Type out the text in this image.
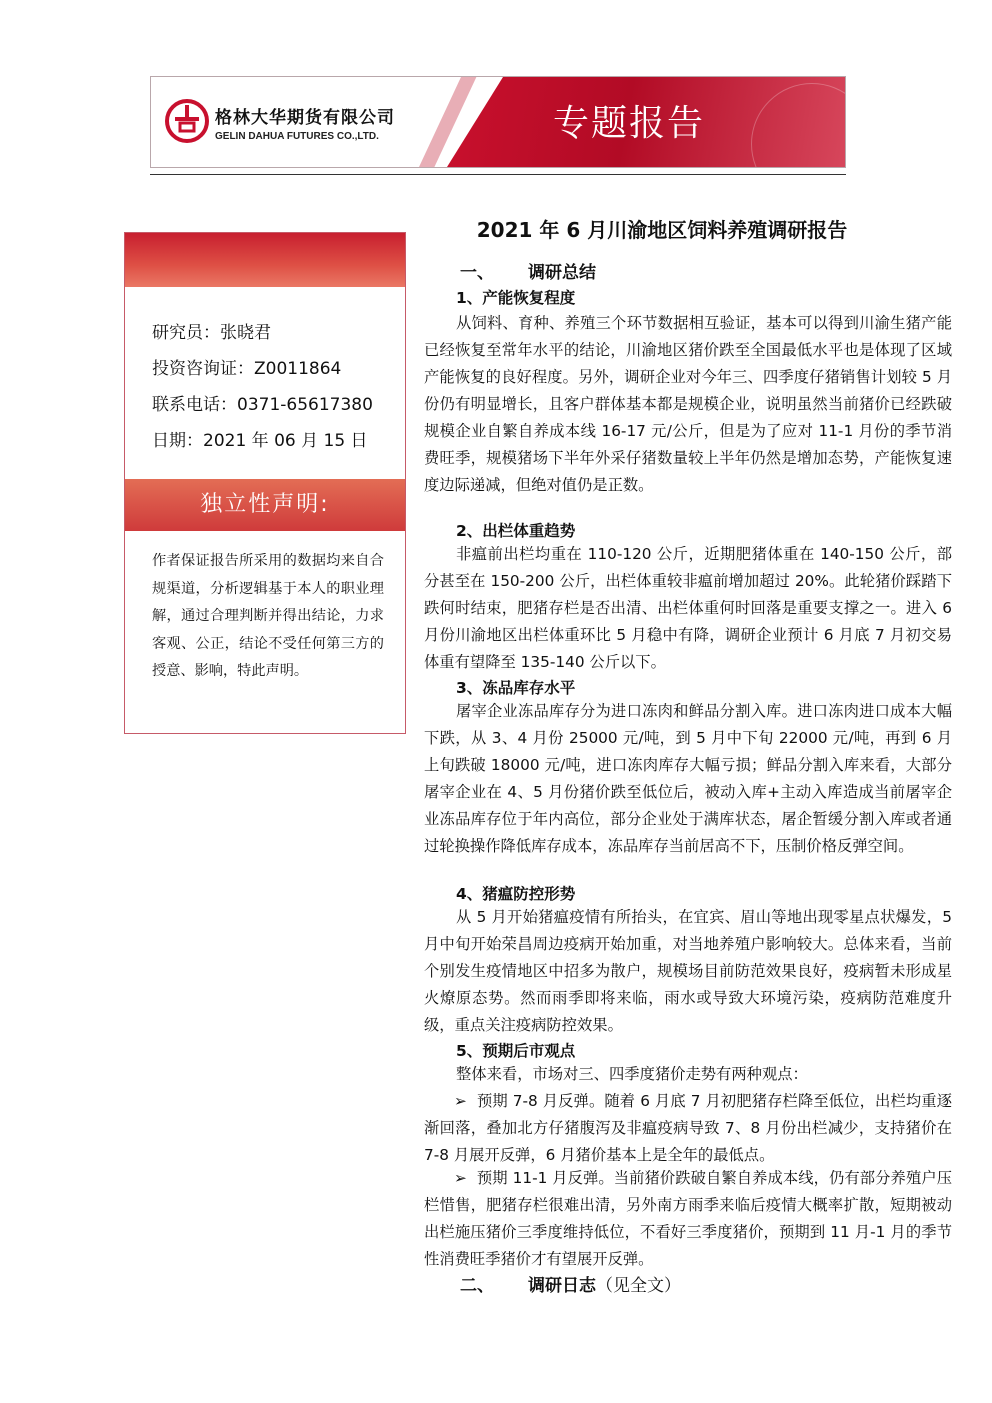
格林大华期货有限公司
GELIN DAHUA FUTURES CO.,LTD.	专题报告
研究员：张晓君
投资咨询证：Z0011864
联系电话：0371-65617380
日期：2021 年 06 月 15 日
独立性声明:
作者保证报告所采用的数据均来自合规渠道，分析逻辑基于本人的职业理解，通过合理判断并得出结论，力求客观、公正，结论不受任何第三方的授意、影响，特此声明。
2021 年 6 月川渝地区饲料养殖调研报告
一、 调研总结
1、产能恢复程度
从饲料、育种、养殖三个环节数据相互验证，基本可以得到川渝生猪产能已经恢复至常年水平的结论，川渝地区猪价跌至全国最低水平也是体现了区域产能恢复的良好程度。另外，调研企业对今年三、四季度仔猪销售计划较 5 月份仍有明显增长，且客户群体基本都是规模企业，说明虽然当前猪价已经跌破规模企业自繁自养成本线 16-17 元/公斤，但是为了应对 11-1 月份的季节消费旺季，规模猪场下半年外采仔猪数量较上半年仍然是增加态势，产能恢复速度边际递减，但绝对值仍是正数。
2、出栏体重趋势
非瘟前出栏均重在 110-120 公斤，近期肥猪体重在 140-150 公斤，部分甚至在 150-200 公斤，出栏体重较非瘟前增加超过 20%。此轮猪价踩踏下跌何时结束，肥猪存栏是否出清、出栏体重何时回落是重要支撑之一。进入 6 月份川渝地区出栏体重环比 5 月稳中有降，调研企业预计 6 月底 7 月初交易体重有望降至 135-140 公斤以下。
3、冻品库存水平
屠宰企业冻品库存分为进口冻肉和鲜品分割入库。进口冻肉进口成本大幅下跌，从 3、4 月份 25000 元/吨，到 5 月中下旬 22000 元/吨，再到 6 月上旬跌破 18000 元/吨，进口冻肉库存大幅亏损；鲜品分割入库来看，大部分屠宰企业在 4、5 月份猪价跌至低位后，被动入库+主动入库造成当前屠宰企业冻品库存位于年内高位，部分企业处于满库状态，屠企暂缓分割入库或者通过轮换操作降低库存成本，冻品库存当前居高不下，压制价格反弹空间。
4、猪瘟防控形势
从 5 月开始猪瘟疫情有所抬头，在宜宾、眉山等地出现零星点状爆发，5 月中旬开始荣昌周边疫病开始加重，对当地养殖户影响较大。总体来看，当前个别发生疫情地区中招多为散户，规模场目前防范效果良好，疫病暂未形成星火燎原态势。然而雨季即将来临，雨水或导致大环境污染，疫病防范难度升级，重点关注疫病防控效果。
5、预期后市观点
整体来看，市场对三、四季度猪价走势有两种观点：
➢ 预期 7-8 月反弹。随着 6 月底 7 月初肥猪存栏降至低位，出栏均重逐渐回落，叠加北方仔猪腹泻及非瘟疫病导致 7、8 月份出栏减少，支持猪价在 7-8 月展开反弹，6 月猪价基本上是全年的最低点。
➢ 预期 11-1 月反弹。当前猪价跌破自繁自养成本线，仍有部分养殖户压栏惜售，肥猪存栏很难出清，另外南方雨季来临后疫情大概率扩散，短期被动出栏施压猪价三季度维持低位，不看好三季度猪价，预期到 11 月-1 月的季节性消费旺季猪价才有望展开反弹。
二、 调研日志（见全文）
